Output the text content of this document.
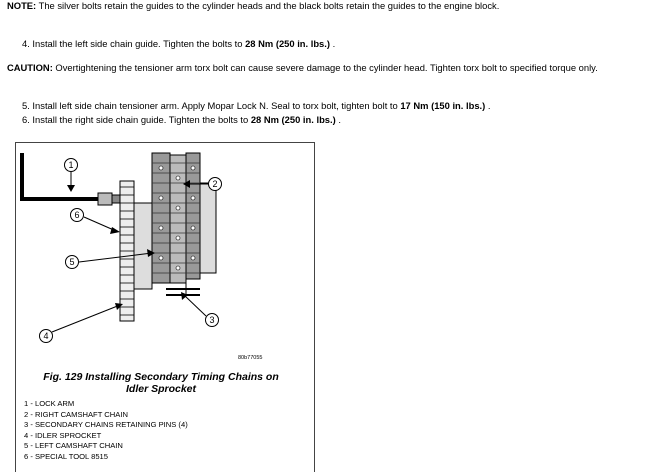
NOTE: The silver bolts retain the guides to the cylinder heads and the black bolts retain the guides to the engine block.
4. Install the left side chain guide. Tighten the bolts to 28 Nm (250 in. lbs.) .
CAUTION: Overtightening the tensioner arm torx bolt can cause severe damage to the cylinder head. Tighten torx bolt to specified torque only.
5. Install left side chain tensioner arm. Apply Mopar Lock N. Seal to torx bolt, tighten bolt to 17 Nm (150 in. lbs.) .
6. Install the right side chain guide. Tighten the bolts to 28 Nm (250 in. lbs.) .
1
2
6
5
3
4
80b77055
Fig. 129 Installing Secondary Timing Chains on
Idler Sprocket
1 - LOCK ARM
2 - RIGHT CAMSHAFT CHAIN
3 - SECONDARY CHAINS RETAINING PINS (4)
4 - IDLER SPROCKET
5 - LEFT CAMSHAFT CHAIN
6 - SPECIAL TOOL 8515
